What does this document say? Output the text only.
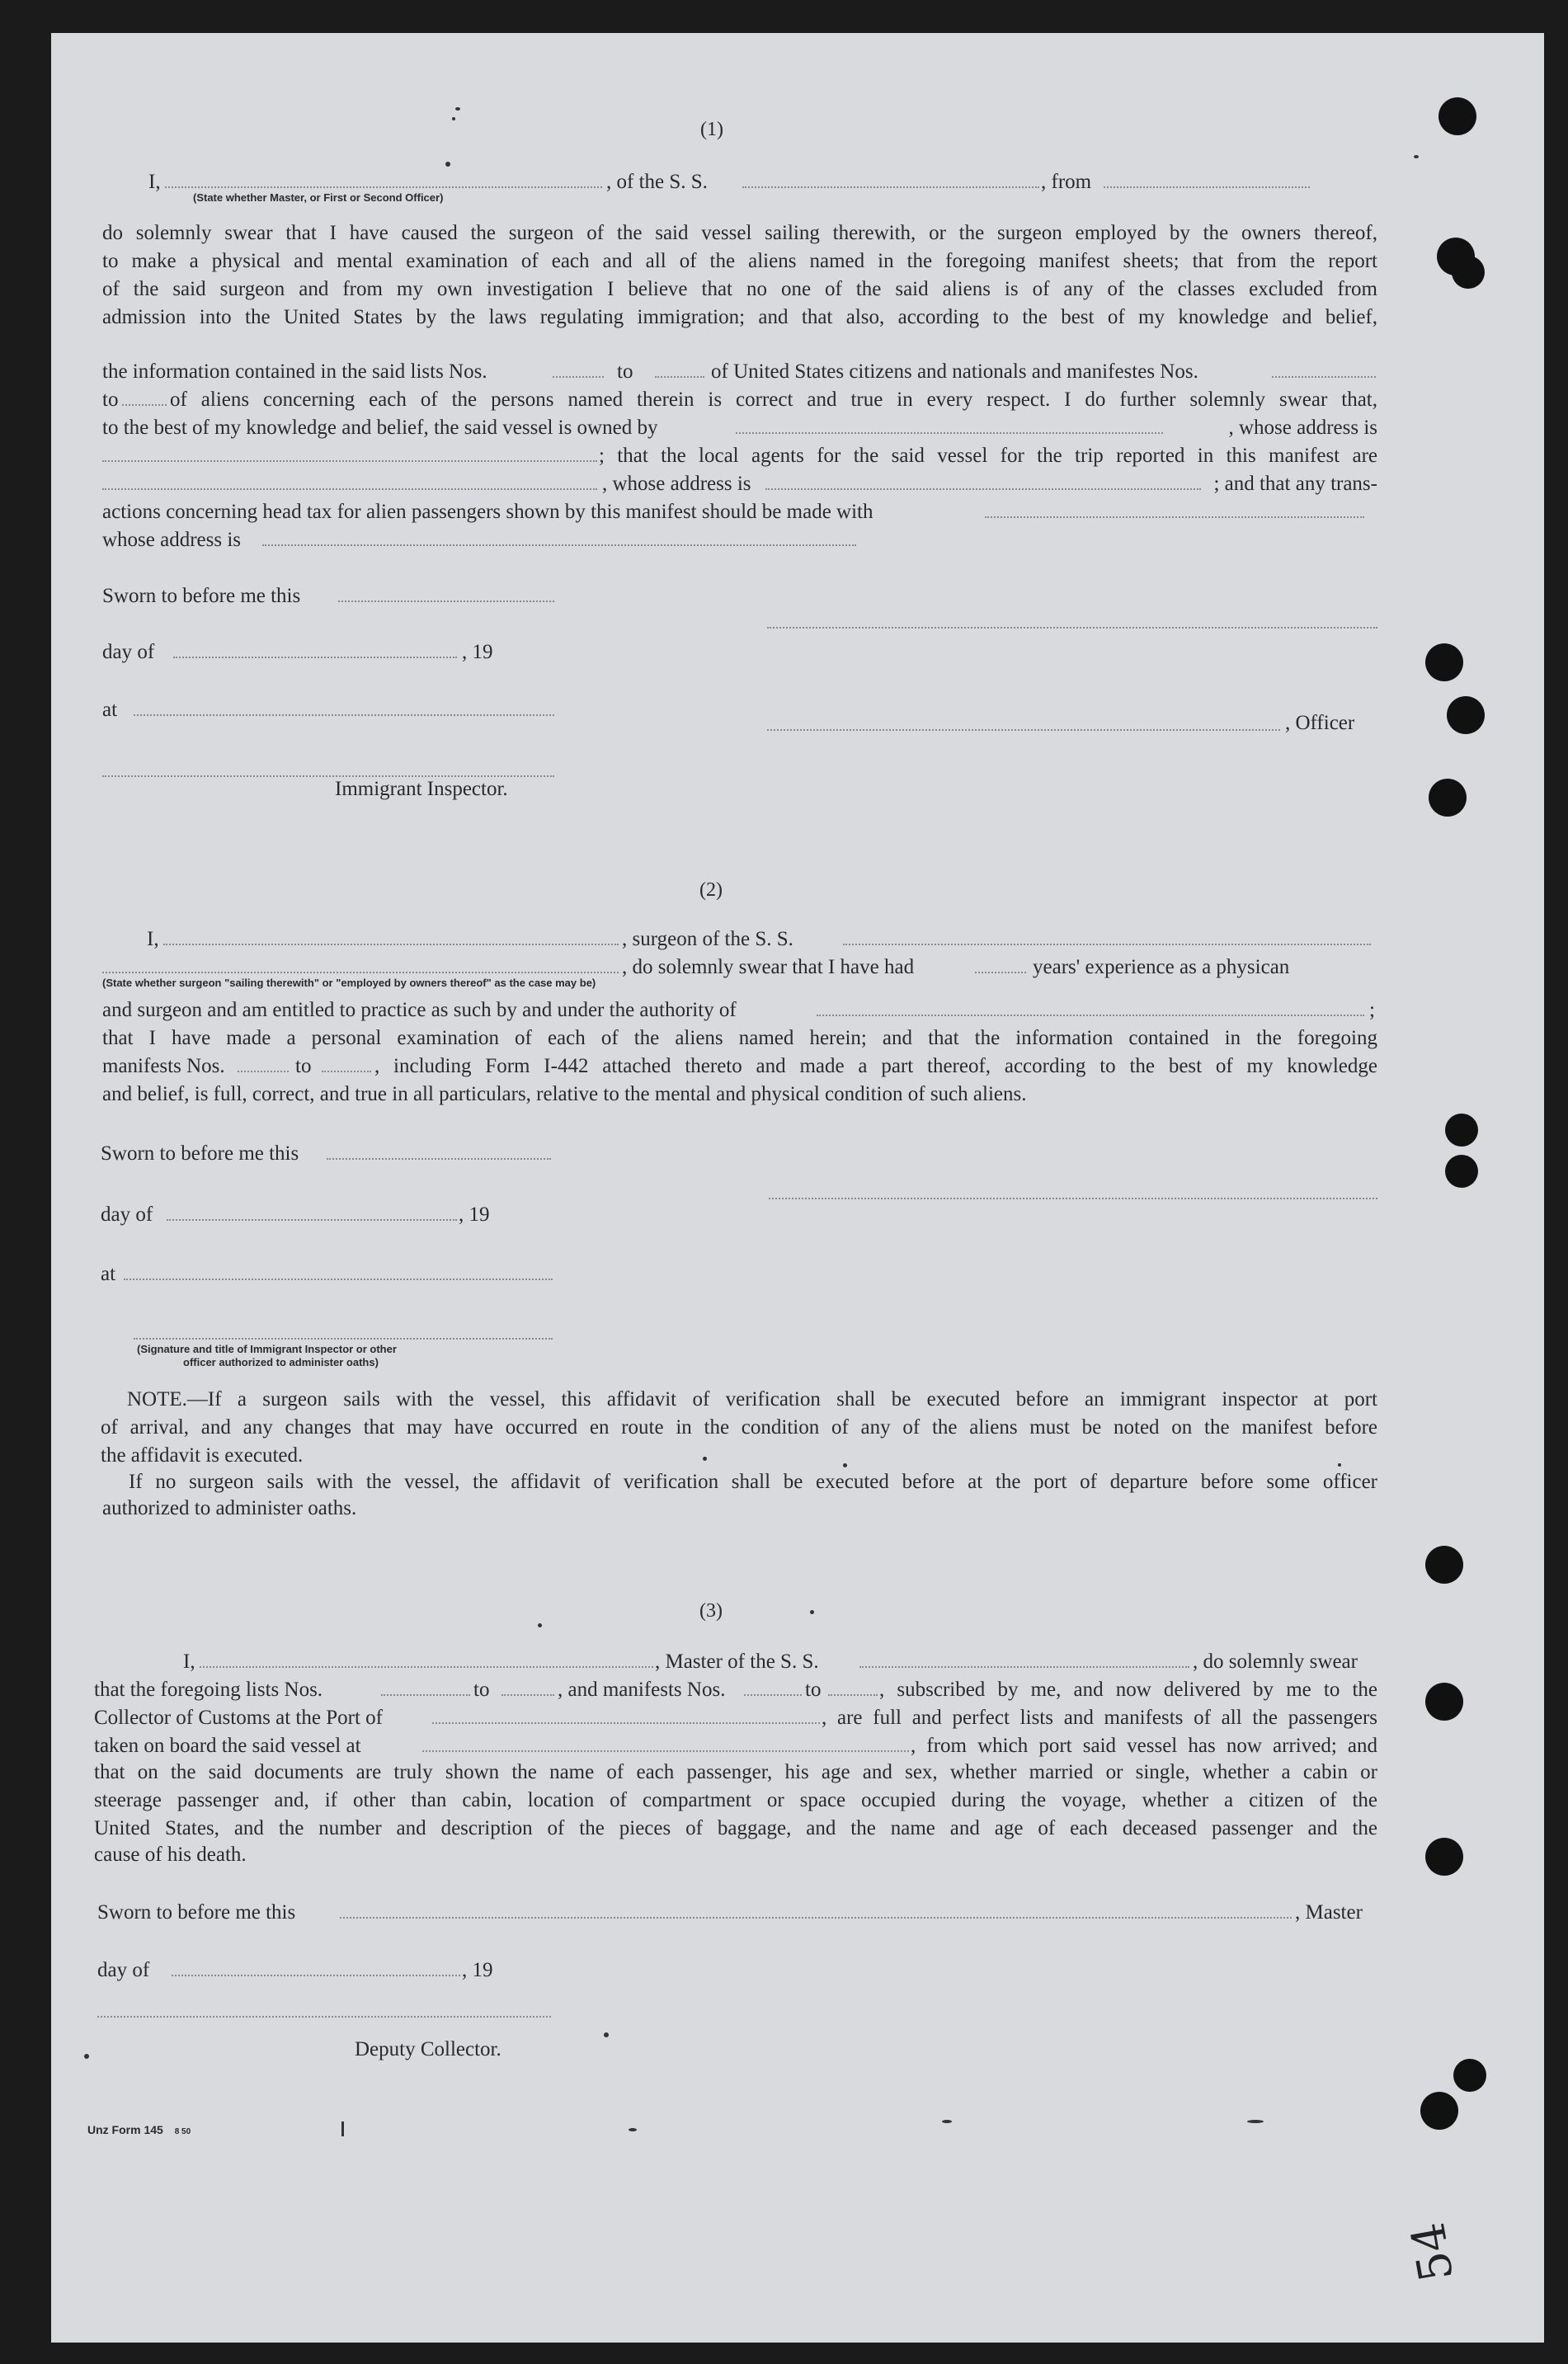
(1)
I,	, of the S. S.	, from
(State whether Master, or First or Second Officer)
do solemnly swear that I have caused the surgeon of the said vessel sailing therewith, or the surgeon employed by the owners thereof,
to make a physical and mental examination of each and all of the aliens named in the foregoing manifest sheets; that from the report
of the said surgeon and from my own investigation I believe that no one of the said aliens is of any of the classes excluded from
admission into the United States by the laws regulating immigration; and that also, according to the best of my knowledge and belief,
the information contained in the said lists Nos.	to	of United States citizens and nationals and manifestes Nos.
to	of aliens concerning each of the persons named therein is correct and true in every respect. I do further solemnly swear that,
to the best of my knowledge and belief, the said vessel is owned by	, whose address is
; that the local agents for the said vessel for the trip reported in this manifest are
, whose address is	; and that any trans-
actions concerning head tax for alien passengers shown by this manifest should be made with
whose address is
Sworn to before me this
day of	, 19
at
, Officer
Immigrant Inspector.
(2)
I,	, surgeon of the S. S.
, do solemnly swear that I have had	years' experience as a physican
(State whether surgeon "sailing therewith" or "employed by owners thereof" as the case may be)
and surgeon and am entitled to practice as such by and under the authority of	;
that I have made a personal examination of each of the aliens named herein; and that the information contained in the foregoing
manifests Nos.	to	, including Form I-442 attached thereto and made a part thereof, according to the best of my knowledge
and belief, is full, correct, and true in all particulars, relative to the mental and physical condition of such aliens.
Sworn to before me this
day of	, 19
at
(Signature and title of Immigrant Inspector or other
officer authorized to administer oaths)
NOTE.—If a surgeon sails with the vessel, this affidavit of verification shall be executed before an immigrant inspector at port
of arrival, and any changes that may have occurred en route in the condition of any of the aliens must be noted on the manifest before
the affidavit is executed.
If no surgeon sails with the vessel, the affidavit of verification shall be executed before at the port of departure before some officer
authorized to administer oaths.
(3)
I,	, Master of the S. S.	, do solemnly swear
that the foregoing lists Nos.	to	, and manifests Nos.	to	, subscribed by me, and now delivered by me to the
Collector of Customs at the Port of	, are full and perfect lists and manifests of all the passengers
taken on board the said vessel at	, from which port said vessel has now arrived; and
that on the said documents are truly shown the name of each passenger, his age and sex, whether married or single, whether a cabin or
steerage passenger and, if other than cabin, location of compartment or space occupied during the voyage, whether a citizen of the
United States, and the number and description of the pieces of baggage, and the name and age of each deceased passenger and the
cause of his death.
Sworn to before me this	, Master
day of	, 19
Deputy Collector.
Unz Form 145 8 50
54
